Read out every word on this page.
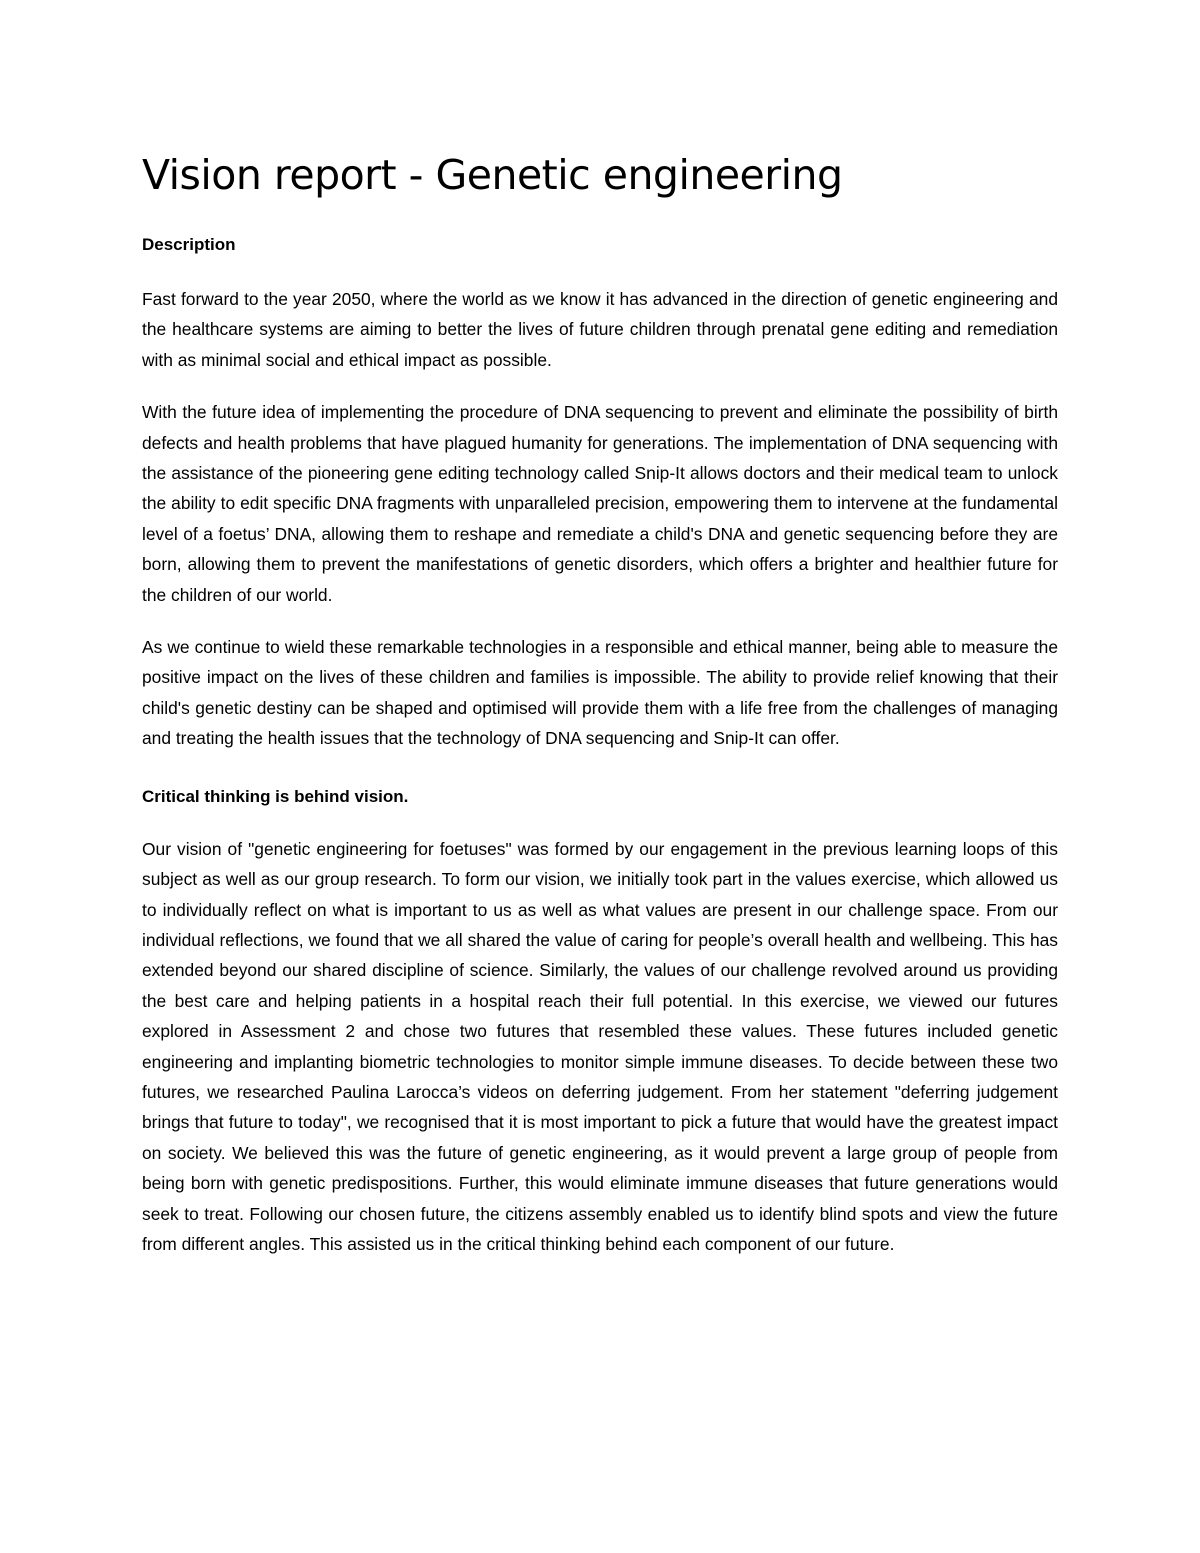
Vision report - Genetic engineering
Description

Fast forward to the year 2050, where the world as we know it has advanced in the direction of genetic engineering and the healthcare systems are aiming to better the lives of future children through prenatal gene editing and remediation with as minimal social and ethical impact as possible.

With the future idea of implementing the procedure of DNA sequencing to prevent and eliminate the possibility of birth defects and health problems that have plagued humanity for generations. The implementation of DNA sequencing with the assistance of the pioneering gene editing technology called Snip-It allows doctors and their medical team to unlock the ability to edit specific DNA fragments with unparalleled precision, empowering them to intervene at the fundamental level of a foetus’ DNA, allowing them to reshape and remediate a child's DNA and genetic sequencing before they are born, allowing them to prevent the manifestations of genetic disorders, which offers a brighter and healthier future for the children of our world.

As we continue to wield these remarkable technologies in a responsible and ethical manner, being able to measure the positive impact on the lives of these children and families is impossible. The ability to provide relief knowing that their child's genetic destiny can be shaped and optimised will provide them with a life free from the challenges of managing and treating the health issues that the technology of DNA sequencing and Snip-It can offer.

Critical thinking is behind vision.

Our vision of "genetic engineering for foetuses" was formed by our engagement in the previous learning loops of this subject as well as our group research. To form our vision, we initially took part in the values exercise, which allowed us to individually reflect on what is important to us as well as what values are present in our challenge space. From our individual reflections, we found that we all shared the value of caring for people’s overall health and wellbeing. This has extended beyond our shared discipline of science. Similarly, the values of our challenge revolved around us providing the best care and helping patients in a hospital reach their full potential. In this exercise, we viewed our futures explored in Assessment 2 and chose two futures that resembled these values. These futures included genetic engineering and implanting biometric technologies to monitor simple immune diseases. To decide between these two futures, we researched Paulina Larocca’s videos on deferring judgement. From her statement "deferring judgement brings that future to today", we recognised that it is most important to pick a future that would have the greatest impact on society. We believed this was the future of genetic engineering, as it would prevent a large group of people from being born with genetic predispositions. Further, this would eliminate immune diseases that future generations would seek to treat. Following our chosen future, the citizens assembly enabled us to identify blind spots and view the future from different angles. This assisted us in the critical thinking behind each component of our future.
